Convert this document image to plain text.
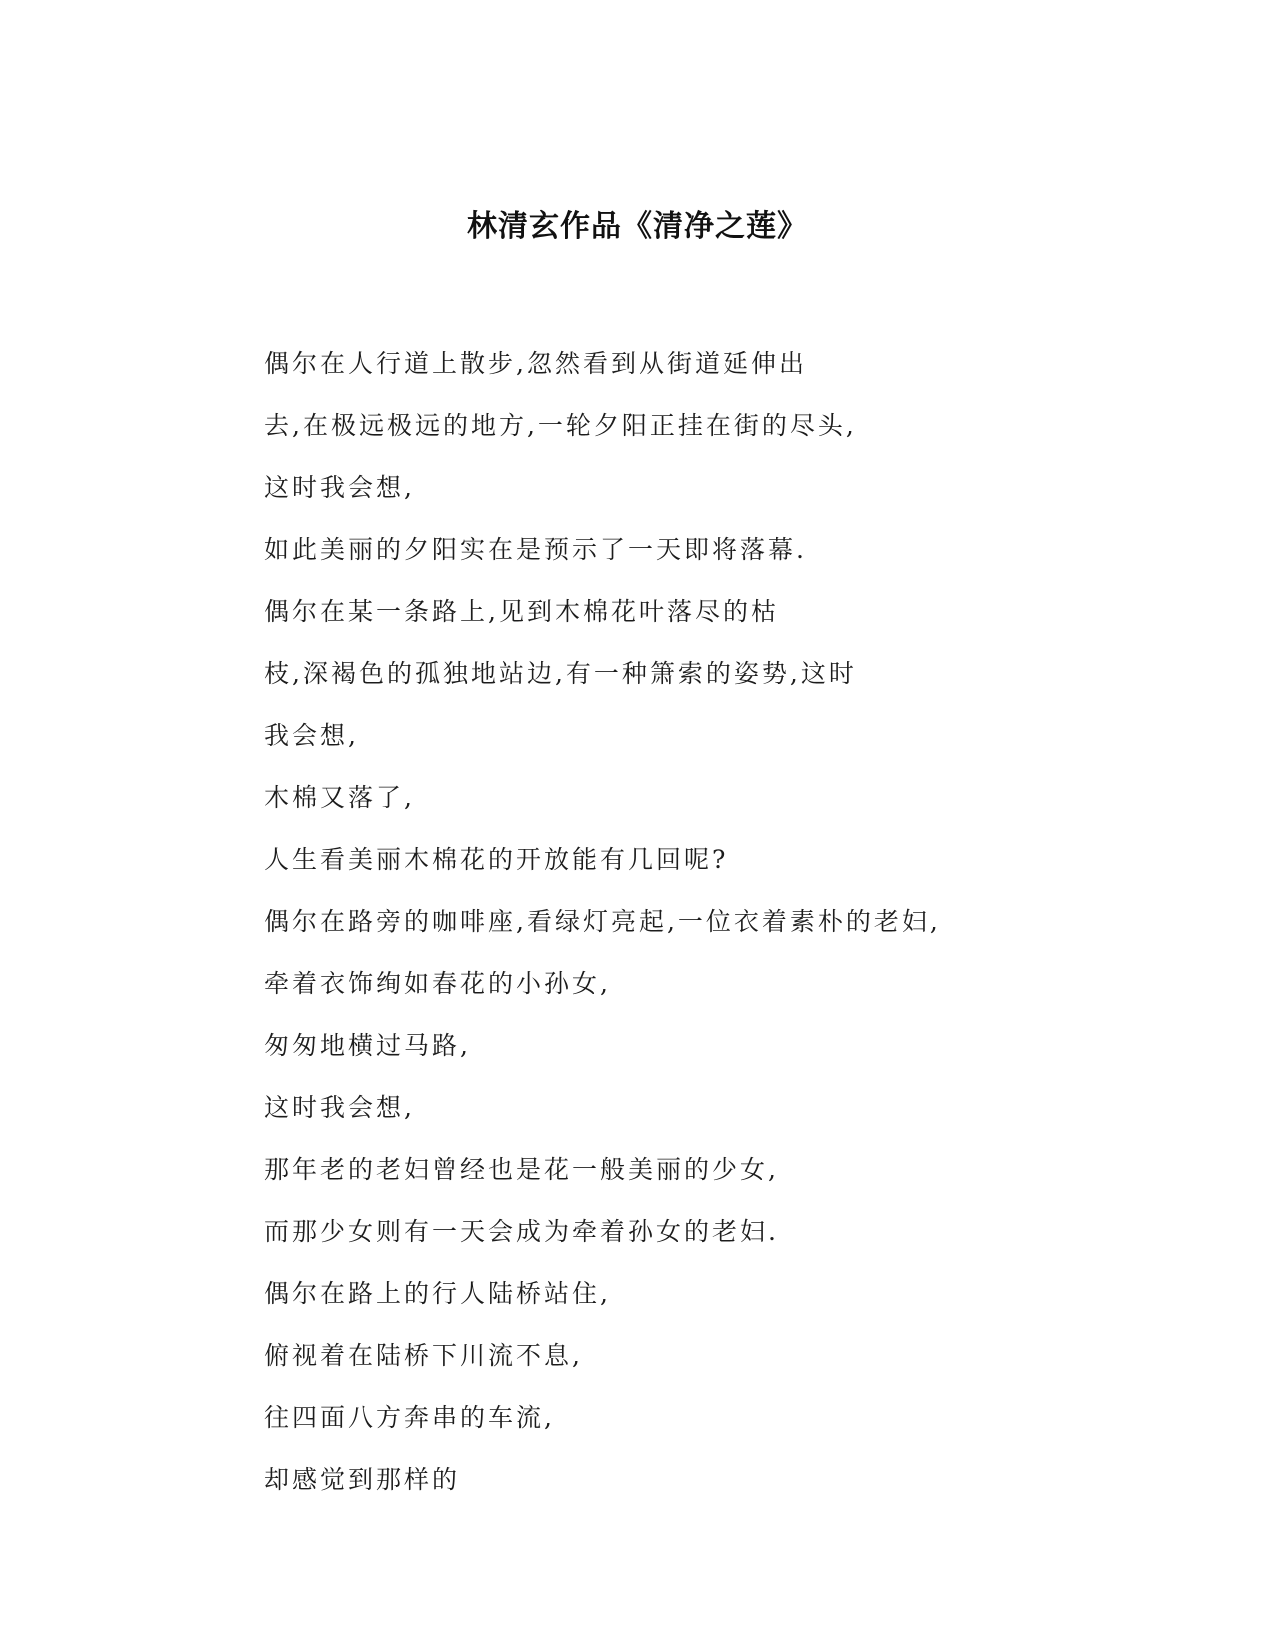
林清玄作品《清净之莲》
偶尔在人行道上散步,忽然看到从街道延伸出
去,在极远极远的地方,一轮夕阳正挂在街的尽头,
这时我会想,
如此美丽的夕阳实在是预示了一天即将落幕.
偶尔在某一条路上,见到木棉花叶落尽的枯
枝,深褐色的孤独地站边,有一种箫索的姿势,这时
我会想,
木棉又落了,
人生看美丽木棉花的开放能有几回呢?
偶尔在路旁的咖啡座,看绿灯亮起,一位衣着素朴的老妇,
牵着衣饰绚如春花的小孙女,
匆匆地横过马路,
这时我会想,
那年老的老妇曾经也是花一般美丽的少女,
而那少女则有一天会成为牵着孙女的老妇.
偶尔在路上的行人陆桥站住,
俯视着在陆桥下川流不息,
往四面八方奔串的车流,
却感觉到那样的
